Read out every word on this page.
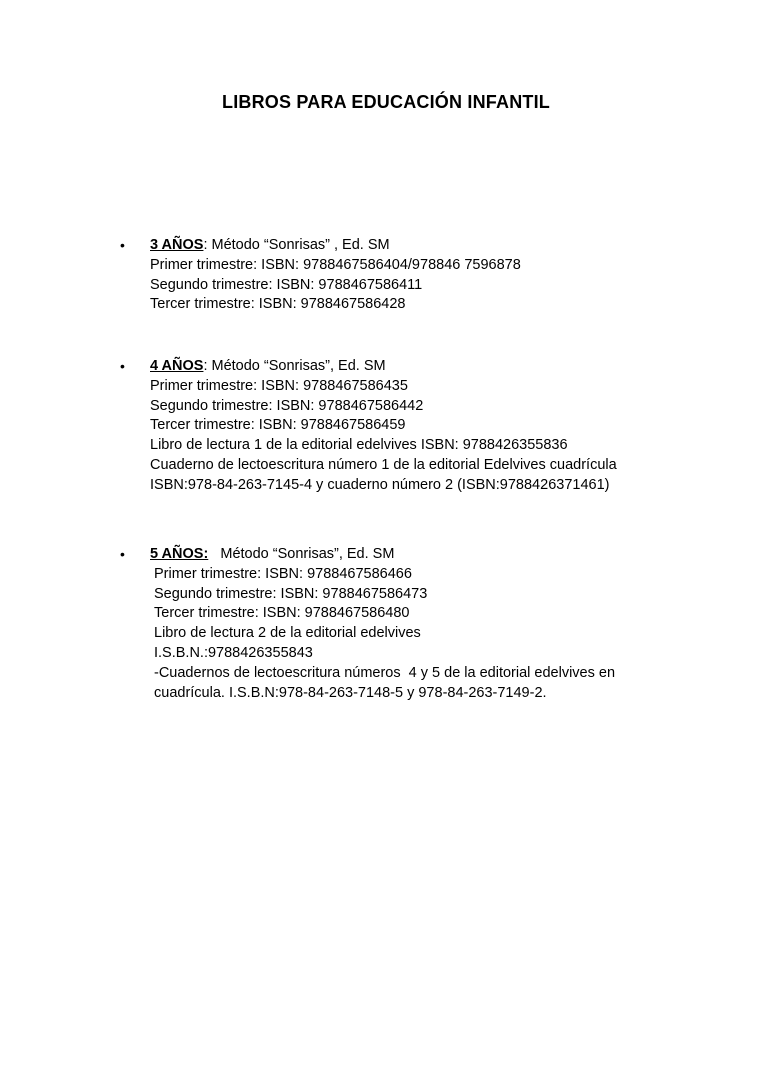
LIBROS PARA EDUCACIÓN INFANTIL
•	3 AÑOS: Método “Sonrisas” , Ed. SM
Primer trimestre: ISBN: 9788467586404/978846 7596878
Segundo trimestre: ISBN: 9788467586411
Tercer trimestre: ISBN: 9788467586428
•	4 AÑOS: Método “Sonrisas”, Ed. SM
Primer trimestre: ISBN: 9788467586435
Segundo trimestre: ISBN: 9788467586442
Tercer trimestre: ISBN: 9788467586459
Libro de lectura 1 de la editorial edelvives ISBN: 9788426355836
Cuaderno de lectoescritura número 1 de la editorial Edelvives cuadrícula
ISBN:978-84-263-7145-4 y cuaderno número 2 (ISBN:9788426371461)
•	5 AÑOS:   Método “Sonrisas”, Ed. SM
Primer trimestre: ISBN: 9788467586466
Segundo trimestre: ISBN: 9788467586473
Tercer trimestre: ISBN: 9788467586480
Libro de lectura 2 de la editorial edelvives
I.S.B.N.:9788426355843
-Cuadernos de lectoescritura números  4 y 5 de la editorial edelvives en
cuadrícula. I.S.B.N:978-84-263-7148-5 y 978-84-263-7149-2.
